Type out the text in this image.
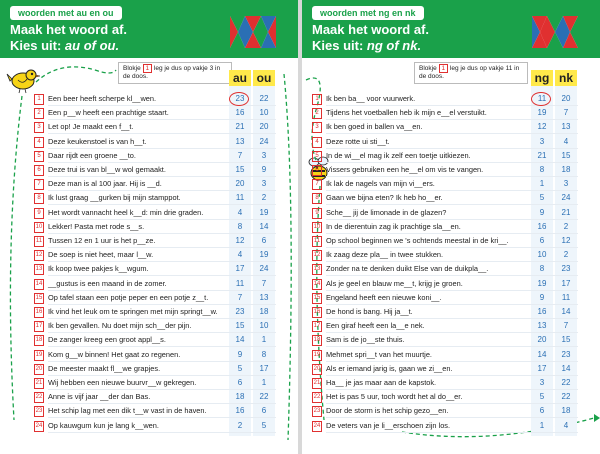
woorden met au en ou
Maak het woord af.
Kies uit: au of ou.
Blokje 1 leg je dus op vakje 3 in de doos.	au ou
1 Een beer heeft scherpe kl__wen.	23	22
2 Een p__w heeft een prachtige staart.	16	10
3 Let op! Je maakt een f__t.	21	20
4 Deze keukenstoel is van h__t.	13	24
5 Daar rijdt een groene __to.	7	3
6 Deze trui is van bl__w wol gemaakt.	15	9
7 Deze man is al 100 jaar. Hij is __d.	20	3
8 Ik lust graag __gurken bij mijn stamppot.	11	2
9 Het wordt vannacht heel k__d: min drie graden.	4	19
10 Lekker! Pasta met rode s__s.	8	14
11 Tussen 12 en 1 uur is het p__ze.	12	6
12 De soep is niet heet, maar l__w.	4	19
13 Ik koop twee pakjes k__wgum.	17	24
14 __gustus is een maand in de zomer.	11	7
15 Op tafel staan een potje peper en een potje z__t.	7	13
16 Ik vind het leuk om te springen met mijn springt__w.	23	18
17 Ik ben gevallen. Nu doet mijn sch__der pijn.	15	10
18 De zanger kreeg een groot appl__s.	14	1
19 Kom g__w binnen! Het gaat zo regenen.	9	8
20 De meester maakt fl__we grapjes.	5	17
21 Wij hebben een nieuwe buurvr__w gekregen.	6	1
22 Anne is vijf jaar __der dan Bas.	18	22
23 Het schip lag met een dik t__w vast in de haven.	16	6
24 Op kauwgum kun je lang k__wen.	2	5
woorden met ng en nk
Maak het woord af.
Kies uit: ng of nk.
Blokje 1 leg je dus op vakje 11 in de doos.	ng nk
1 Ik ben ba__ voor vuurwerk.	11	20
2 Tijdens het voetballen heb ik mijn e__el verstuikt.	19	7
3 Ik ben goed in ballen va__en.	12	13
4 Deze rotte ui sti__t.	3	4
5 In de wi__el mag ik zelf een toetje uitkiezen.	21	15
6 Vissers gebruiken een he__el om vis te vangen.	8	18
7 Ik lak de nagels van mijn vi__ers.	1	3
8 Gaan we bijna eten? Ik heb ho__er.	5	24
9 Sche__ jij de limonade in de glazen?	9	21
10 In de dierentuin zag ik prachtige sla__en.	16	2
11 Op school beginnen we 's ochtends meestal in de kri__.	6	12
12 Ik zaag deze pla__ in twee stukken.	10	2
13 Zonder na te denken duikt Else van de duikpla__.	8	23
14 Als je geel en blauw me__t, krijg je groen.	19	17
15 Engeland heeft een nieuwe koni__.	9	11
16 De hond is bang. Hij ja__t.	16	14
17 Een giraf heeft een la__e nek.	13	7
18 Sam is de jo__ste thuis.	20	15
19 Mehmet spri__t van het muurtje.	14	23
20 Als er iemand jarig is, gaan we zi__en.	17	14
21 Ha__ je jas maar aan de kapstok.	3	22
22 Het is pas 5 uur, toch wordt het al do__er.	5	22
23 Door de storm is het schip gezo__en.	6	18
24 De veters van je li__erschoen zijn los.	1	4
